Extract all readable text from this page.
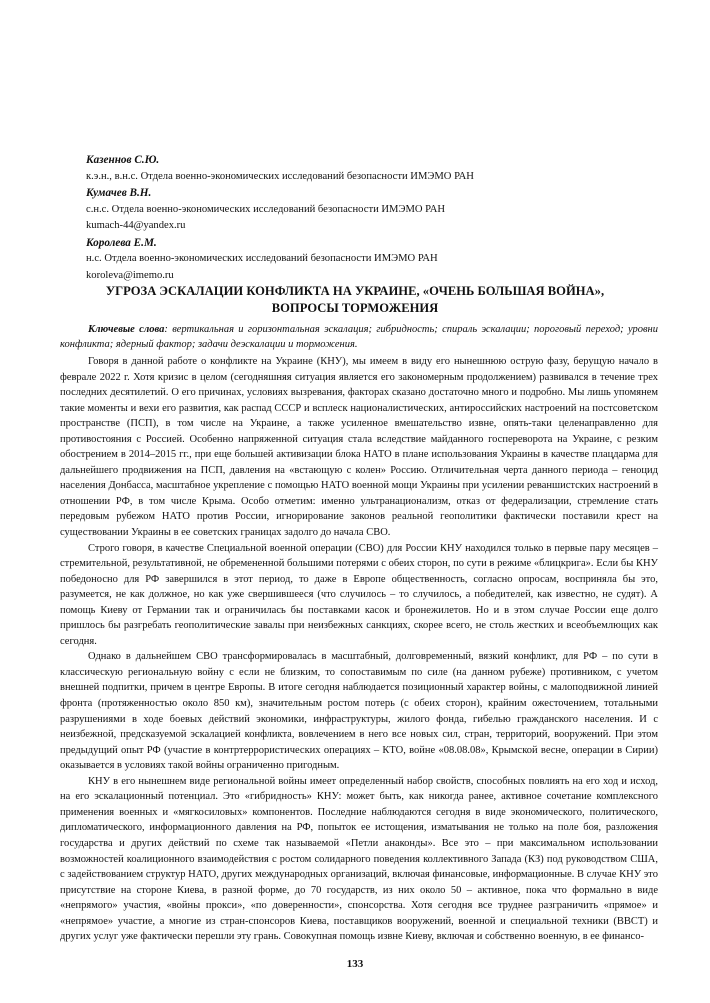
Казеннов С.Ю.
к.э.н., в.н.с. Отдела военно-экономических исследований безопасности ИМЭМО РАН
Кумачев В.Н.
с.н.с. Отдела военно-экономических исследований безопасности ИМЭМО РАН
kumach-44@yandex.ru
Королева Е.М.
н.с. Отдела военно-экономических исследований безопасности ИМЭМО РАН
koroleva@imemo.ru
УГРОЗА ЭСКАЛАЦИИ КОНФЛИКТА НА УКРАИНЕ, «ОЧЕНЬ БОЛЬШАЯ ВОЙНА»,
ВОПРОСЫ ТОРМОЖЕНИЯ
Ключевые слова: вертикальная и горизонтальная эскалация; гибридность; спираль эскалации; пороговый переход; уровни конфликта; ядерный фактор; задачи деэскалации и торможения.

Говоря в данной работе о конфликте на Украине (КНУ), мы имеем в виду его нынешнюю острую фазу, берущую начало в феврале 2022 г. Хотя кризис в целом (сегодняшняя ситуация является его закономерным продолжением) развивался в течение трех последних десятилетий. О его причинах, условиях вызревания, факторах сказано достаточно много и подробно. Мы лишь упомянем такие моменты и вехи его развития, как распад СССР и всплеск националистических, антироссийских настроений на постсоветском пространстве (ПСП), в том числе на Украине, а также усиленное вмешательство извне, опять-таки целенаправленно для противостояния с Россией. Особенно напряженной ситуация стала вследствие майданного госпереворота на Украине, с резким обострением в 2014–2015 гг., при еще большей активизации блока НАТО в плане использования Украины в качестве плацдарма для дальнейшего продвижения на ПСП, давления на «встающую с колен» Россию. Отличительная черта данного периода – геноцид населения Донбасса, масштабное укрепление с помощью НАТО военной мощи Украины при усилении реваншистских настроений в отношении РФ, в том числе Крыма. Особо отметим: именно ультранационализм, отказ от федерализации, стремление стать передовым рубежом НАТО против России, игнорирование законов реальной геополитики фактически поставили крест на существовании Украины в ее советских границах задолго до начала СВО.

Строго говоря, в качестве Специальной военной операции (СВО) для России КНУ находился только в первые пару месяцев – стремительной, результативной, не обремененной большими потерями с обеих сторон, по сути в режиме «блицкрига». Если бы КНУ победоносно для РФ завершился в этот период, то даже в Европе общественность, согласно опросам, восприняла бы это, разумеется, не как должное, но как уже свершившееся (что случилось – то случилось, а победителей, как известно, не судят). А помощь Киеву от Германии так и ограничилась бы поставками касок и бронежилетов. Но и в этом случае России еще долго пришлось бы разгребать геополитические завалы при неизбежных санкциях, скорее всего, не столь жестких и всеобъемлющих как сегодня.

Однако в дальнейшем СВО трансформировалась в масштабный, долговременный, вязкий конфликт, для РФ – по сути в классическую региональную войну с если не близким, то сопоставимым по силе (на данном рубеже) противником, с учетом внешней подпитки, причем в центре Европы. В итоге сегодня наблюдается позиционный характер войны, с малоподвижной линией фронта (протяженностью около 850 км), значительным ростом потерь (с обеих сторон), крайним ожесточением, тотальными разрушениями в ходе боевых действий экономики, инфраструктуры, жилого фонда, гибелью гражданского населения. И с неизбежной, предсказуемой эскалацией конфликта, вовлечением в него все новых сил, стран, территорий, вооружений. При этом предыдущий опыт РФ (участие в контртеррористических операциях – КТО, войне «08.08.08», Крымской весне, операции в Сирии) оказывается в условиях такой войны ограниченно пригодным.

КНУ в его нынешнем виде региональной войны имеет определенный набор свойств, способных повлиять на его ход и исход, на его эскалационный потенциал. Это «гибридность» КНУ: может быть, как никогда ранее, активное сочетание комплексного применения военных и «мягкосиловых» компонентов. Последние наблюдаются сегодня в виде экономического, политического, дипломатического, информационного давления на РФ, попыток ее истощения, изматывания не только на поле боя, разложения государства и других действий по схеме так называемой «Петли анаконды». Все это – при максимальном использовании возможностей коалиционного взаимодействия с ростом солидарного поведения коллективного Запада (КЗ) под руководством США, с задействованием структур НАТО, других международных организаций, включая финансовые, информационные. В случае КНУ это присутствие на стороне Киева, в разной форме, до 70 государств, из них около 50 – активное, пока что формально в виде «непрямого» участия, «войны прокси», «по доверенности», спонсорства. Хотя сегодня все труднее разграничить «прямое» и «непрямое» участие, а многие из стран-спонсоров Киева, поставщиков вооружений, военной и специальной техники (ВВСТ) и других услуг уже фактически перешли эту грань. Совокупная помощь извне Киеву, включая и собственно военную, в ее финансо-

133
